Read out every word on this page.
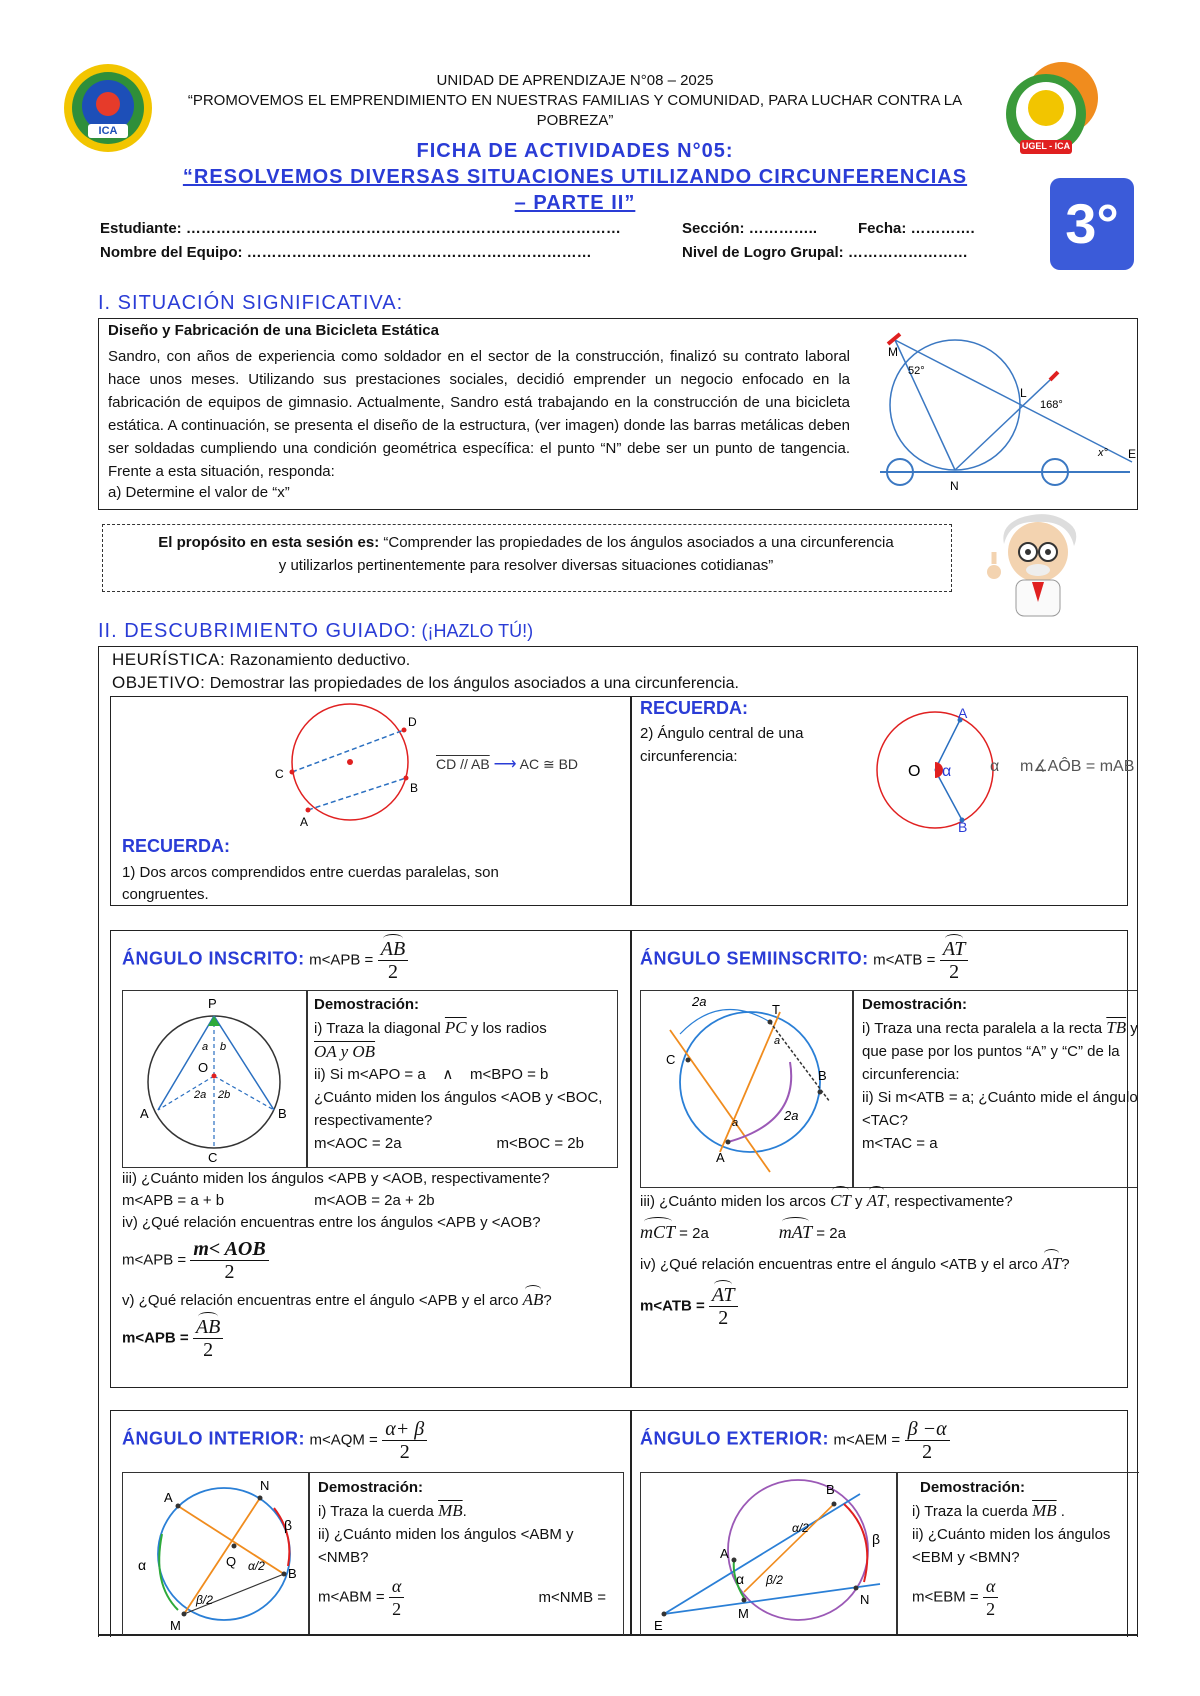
ICA
UGEL - ICA
UNIDAD DE APRENDIZAJE N°08 – 2025
“PROMOVEMOS EL EMPRENDIMIENTO EN NUESTRAS FAMILIAS Y COMUNIDAD, PARA LUCHAR CONTRA LA
POBREZA”
FICHA DE ACTIVIDADES N°05:
“RESOLVEMOS DIVERSAS SITUACIONES UTILIZANDO CIRCUNFERENCIAS
– PARTE II”	3°
Estudiante: ……………………………………………………………………………
Nombre del Equipo: ……………………………………………………………
Sección: …………..	Fecha: ………….
Nivel de Logro Grupal: ……………………
I. SITUACIÓN SIGNIFICATIVA:
Diseño y Fabricación de una Bicicleta Estática
Sandro, con años de experiencia como soldador en el sector de la construcción, finalizó su contrato laboral hace unos meses. Utilizando sus prestaciones sociales, decidió emprender un negocio enfocado en la fabricación de equipos de gimnasio. Actualmente, Sandro está trabajando en la construcción de una bicicleta estática. A continuación, se presenta el diseño de la estructura, (ver imagen) donde las barras metálicas deben ser soldadas cumpliendo una condición geométrica específica: el punto “N” debe ser un punto de tangencia. Frente a esta situación, responda:
a) Determine el valor de “x”
M
L
N
E
52°
168°
x°
El propósito en esta sesión es: “Comprender las propiedades de los ángulos asociados a una circunferencia
y utilizarlos pertinentemente para resolver diversas situaciones cotidianas”
II. DESCUBRIMIENTO GUIADO: (¡HAZLO TÚ!)
HEURÍSTICA: Razonamiento deductivo.
OBJETIVO: Demostrar las propiedades de los ángulos asociados a una circunferencia.
C
D
A
B
CD // AB ⟶ AC ≅ BD
RECUERDA:
1) Dos arcos comprendidos entre cuerdas paralelas, son congruentes.
RECUERDA:
2) Ángulo central de una circunferencia:
A
B
O α α m∡AÔB = mAB
ÁNGULO INSCRITO: $m<APB = \frac{AB}{2}$
P
O
A	B
C
a b
2a 2b
Demostración:
i) Traza la diagonal $\overline{PC}$ y los radios
OA y OB
ii) Si m<APO = a    ∧    m<BPO = b
¿Cuánto miden los ángulos <AOB y <BOC, respectivamente?
m<AOC = 2a	m<BOC = 2b
iii) ¿Cuánto miden los ángulos <APB y <AOB, respectivamente?
m<APB = a + b	m<AOB = 2a + 2b
iv) ¿Qué relación encuentras entre los ángulos <APB y <AOB?
$m<APB = \frac{\text{m< AOB}}{2}$
v) ¿Qué relación encuentras entre el ángulo <APB y el arco AB?
$m<APB = \frac{AB}{2}$
ÁNGULO SEMIINSCRITO: $m<ATB = \frac{AT}{2}$
2a
T
B
C
A
a
a	2a
Demostración:
i) Traza una recta paralela a la recta $\overline{TB}$ y que pase por los puntos “A” y “C” de la circunferencia:
ii) Si m<ATB = a; ¿Cuánto mide el ángulo <TAC?
m<TAC = a
iii) ¿Cuánto miden los arcos CT y AT, respectivamente?
mCT = 2a	mAT = 2a
iv) ¿Qué relación encuentras entre el ángulo <ATB y el arco AT?
$m<ATB = \frac{AT}{2}$
ÁNGULO INTERIOR: $m<AQM = \frac{\alpha+ \beta}{2}$
A
N
Q
B
M
α
β
α/2
β/2
Demostración:
i) Traza la cuerda $\overline{MB}$.
ii) ¿Cuánto miden los ángulos <ABM y <NMB?
$m<ABM = \frac{\alpha}{2}$	m<NMB =
ÁNGULO EXTERIOR: $m<AEM = \frac{\beta -\alpha}{2}$
B
A
E
M
N
α
β
α/2
β/2
Demostración:
i) Traza la cuerda $\overline{MB}$ .
ii) ¿Cuánto miden los ángulos <EBM y <BMN?
$m<EBM = \frac{\alpha}{2}$
